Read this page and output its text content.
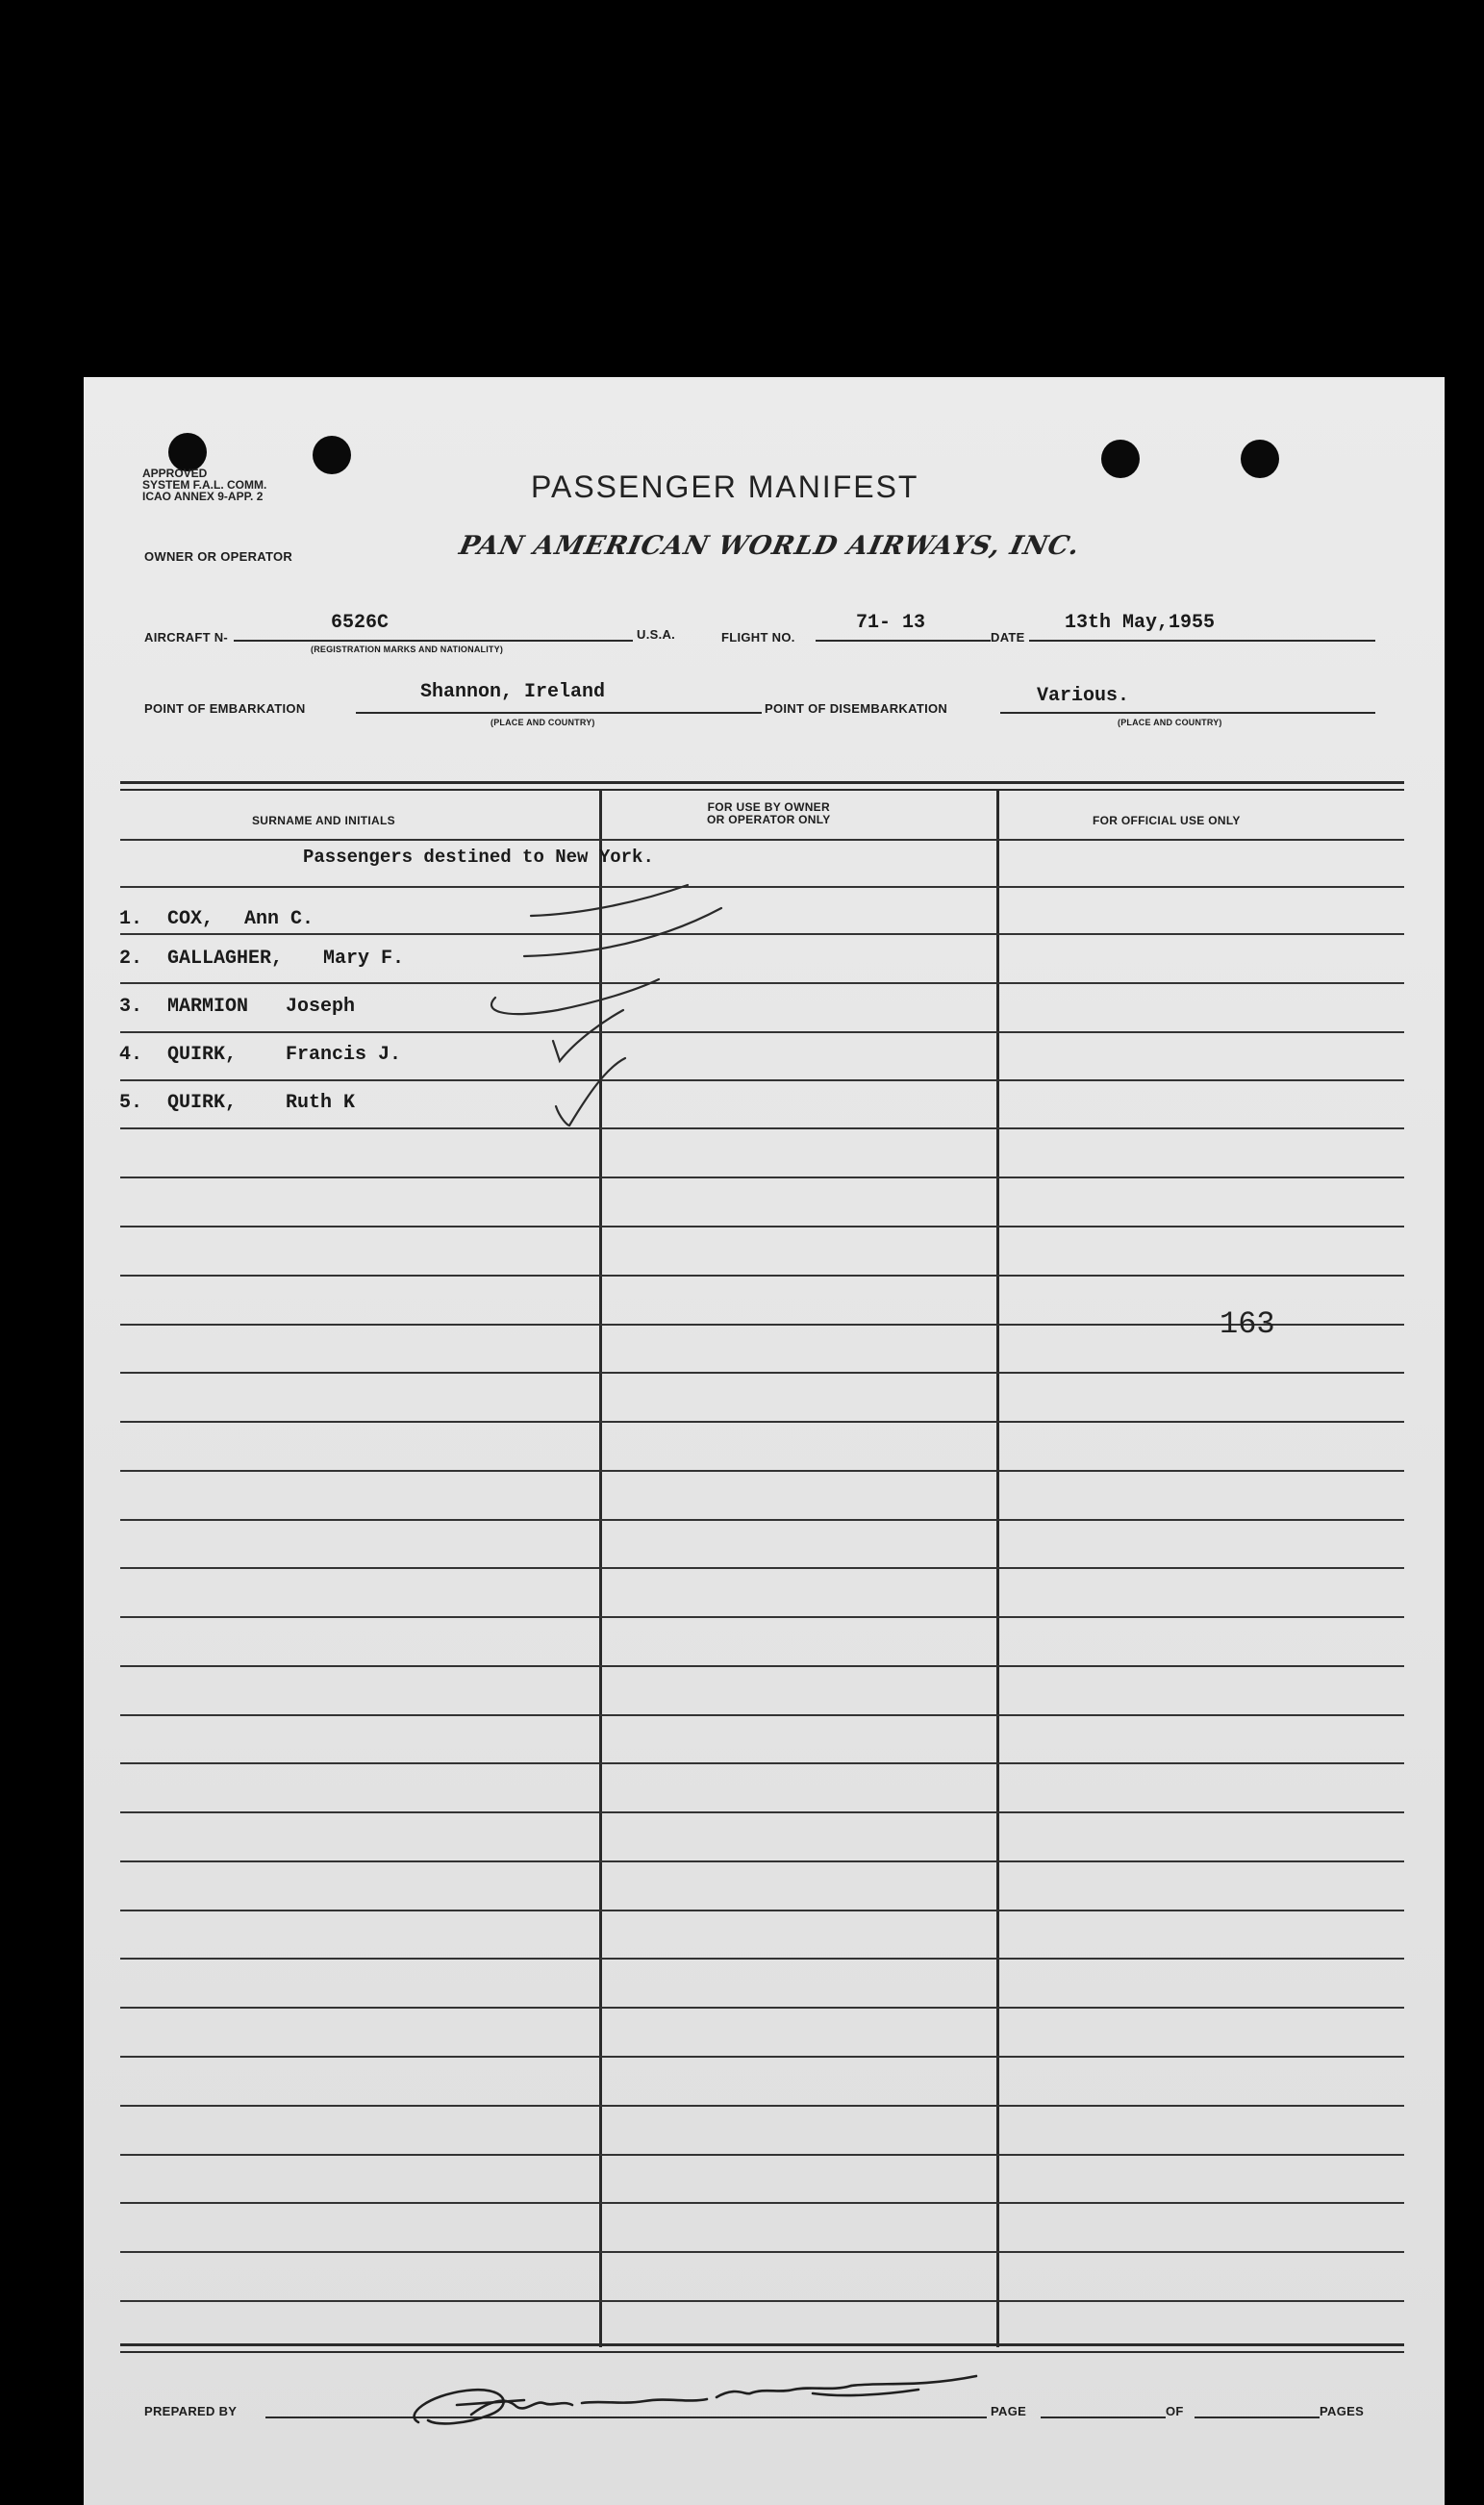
APPROVED
SYSTEM F.A.L. COMM.
ICAO ANNEX 9-APP. 2	PASSENGER MANIFEST
OWNER OR OPERATOR	PAN AMERICAN WORLD AIRWAYS, INC.
AIRCRAFT N-
6526C
(REGISTRATION MARKS AND NATIONALITY)
U.S.A.	FLIGHT NO.
71- 13
DATE
13th May,1955
POINT OF EMBARKATION
Shannon, Ireland
(PLACE AND COUNTRY)
POINT OF DISEMBARKATION
Various.
(PLACE AND COUNTRY)
SURNAME AND INITIALS
FOR USE BY OWNER
OR OPERATOR ONLY	FOR OFFICIAL USE ONLY
Passengers destined to New York.
1. COX, Ann C.
2. GALLAGHER, Mary F.
3. MARMION Joseph
4. QUIRK,	Francis J.
5. QUIRK,	Ruth K
163
PREPARED BY	PAGE	OF	PAGES
